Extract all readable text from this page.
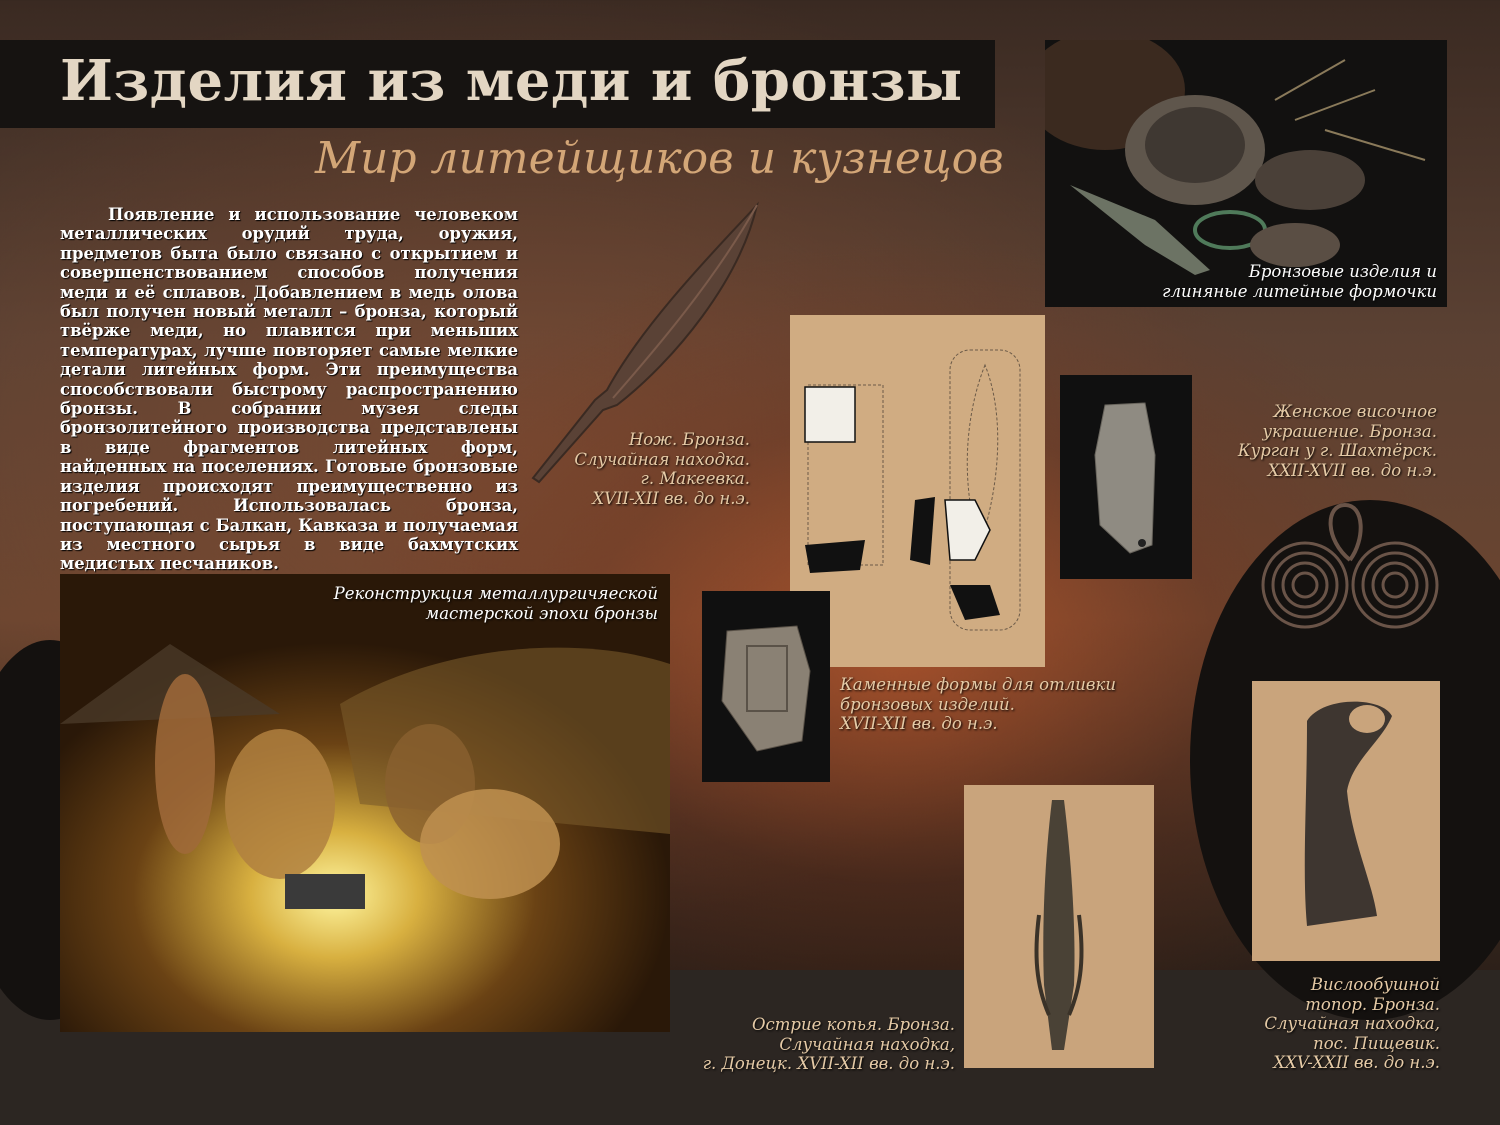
Изделия из меди и бронзы
Мир литейщиков и кузнецов
Появление и использование человеком металлических орудий труда, оружия, предметов быта было связано с открытием и совершенствованием способов получения меди и её сплавов. Добавлением в медь олова был получен новый металл – бронза, который твёрже меди, но плавится при меньших температурах, лучше повторяет самые мелкие детали литейных форм. Эти преимущества способствовали быстрому распространению бронзы. В собрании музея следы бронзолитейного производства представлены в виде фрагментов литейных форм, найденных на поселениях. Готовые бронзовые изделия происходят преимущественно из погребений. Использовалась бронза, поступающая с Балкан, Кавказа и получаемая из местного сырья в виде бахмутских медистых песчаников.
Нож. Бронза.
Случайная находка.
г. Макеевка.
XVII-XII вв. до н.э.
Бронзовые изделия и
глиняные литейные формочки
Каменные формы для отливки
бронзовых изделий.
XVII-XII вв. до н.э.
Женское височное
украшение. Бронза.
Курган у г. Шахтёрск.
XXII-XVII вв. до н.э.
Реконструкция металлургичяеской
мастерской эпохи бронзы
Острие копья. Бронза.
Случайная находка,
г. Донецк. XVII-XII вв. до н.э.
Вислообушной
топор. Бронза.
Случайная находка,
пос. Пищевик.
XXV-XXII вв. до н.э.
